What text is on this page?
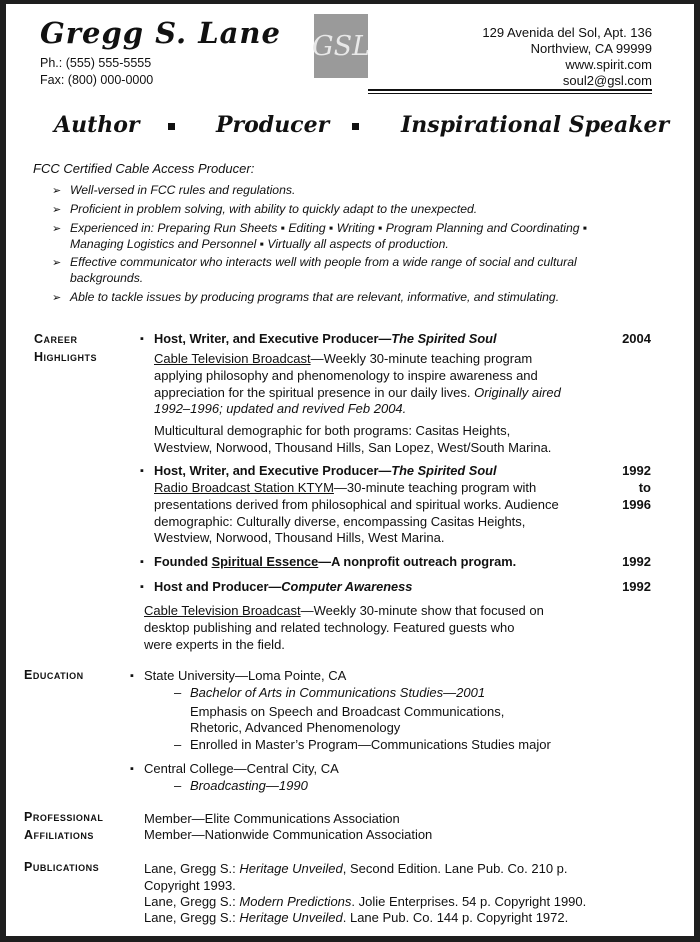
Gregg S. Lane
Ph.: (555) 555-5555
Fax: (800) 000-0000
GSL	129 Avenida del Sol, Apt. 136
Northview, CA 99999
www.spirit.com
soul2@gsl.com
Author	Producer	Inspirational Speaker
FCC Certified Cable Access Producer:
➢ Well-versed in FCC rules and regulations.
➢ Proficient in problem solving, with ability to quickly adapt to the unexpected.
➢ Experienced in: Preparing Run Sheets ▪ Editing ▪ Writing ▪ Program Planning and Coordinating ▪
Managing Logistics and Personnel ▪ Virtually all aspects of production.
➢ Effective communicator who interacts well with people from a wide range of social and cultural
backgrounds.
➢ Able to tackle issues by producing programs that are relevant, informative, and stimulating.
Career
Highlights
▪ Host, Writer, and Executive Producer—The Spirited Soul	2004
Cable Television Broadcast—Weekly 30-minute teaching program
applying philosophy and phenomenology to inspire awareness and
appreciation for the spiritual presence in our daily lives. Originally aired
1992–1996; updated and revived Feb 2004.
Multicultural demographic for both programs: Casitas Heights,
Westview, Norwood, Thousand Hills, San Lopez, West/South Marina.
▪ Host, Writer, and Executive Producer—The Spirited Soul	1992
to
1996
Radio Broadcast Station KTYM—30-minute teaching program with
presentations derived from philosophical and spiritual works. Audience
demographic: Culturally diverse, encompassing Casitas Heights,
Westview, Norwood, Thousand Hills, West Marina.
▪ Founded Spiritual Essence—A nonprofit outreach program.	1992
▪ Host and Producer—Computer Awareness	1992
Cable Television Broadcast—Weekly 30-minute show that focused on
desktop publishing and related technology. Featured guests who
were experts in the field.
Education	▪ State University—Loma Pointe, CA
– Bachelor of Arts in Communications Studies—2001
Emphasis on Speech and Broadcast Communications,
Rhetoric, Advanced Phenomenology
– Enrolled in Master’s Program—Communications Studies major
▪ Central College—Central City, CA
– Broadcasting—1990
Professional
Affiliations
Member—Elite Communications Association
Member—Nationwide Communication Association
Publications	Lane, Gregg S.: Heritage Unveiled, Second Edition. Lane Pub. Co. 210 p.
Copyright 1993.
Lane, Gregg S.: Modern Predictions. Jolie Enterprises. 54 p. Copyright 1990.
Lane, Gregg S.: Heritage Unveiled. Lane Pub. Co. 144 p. Copyright 1972.
